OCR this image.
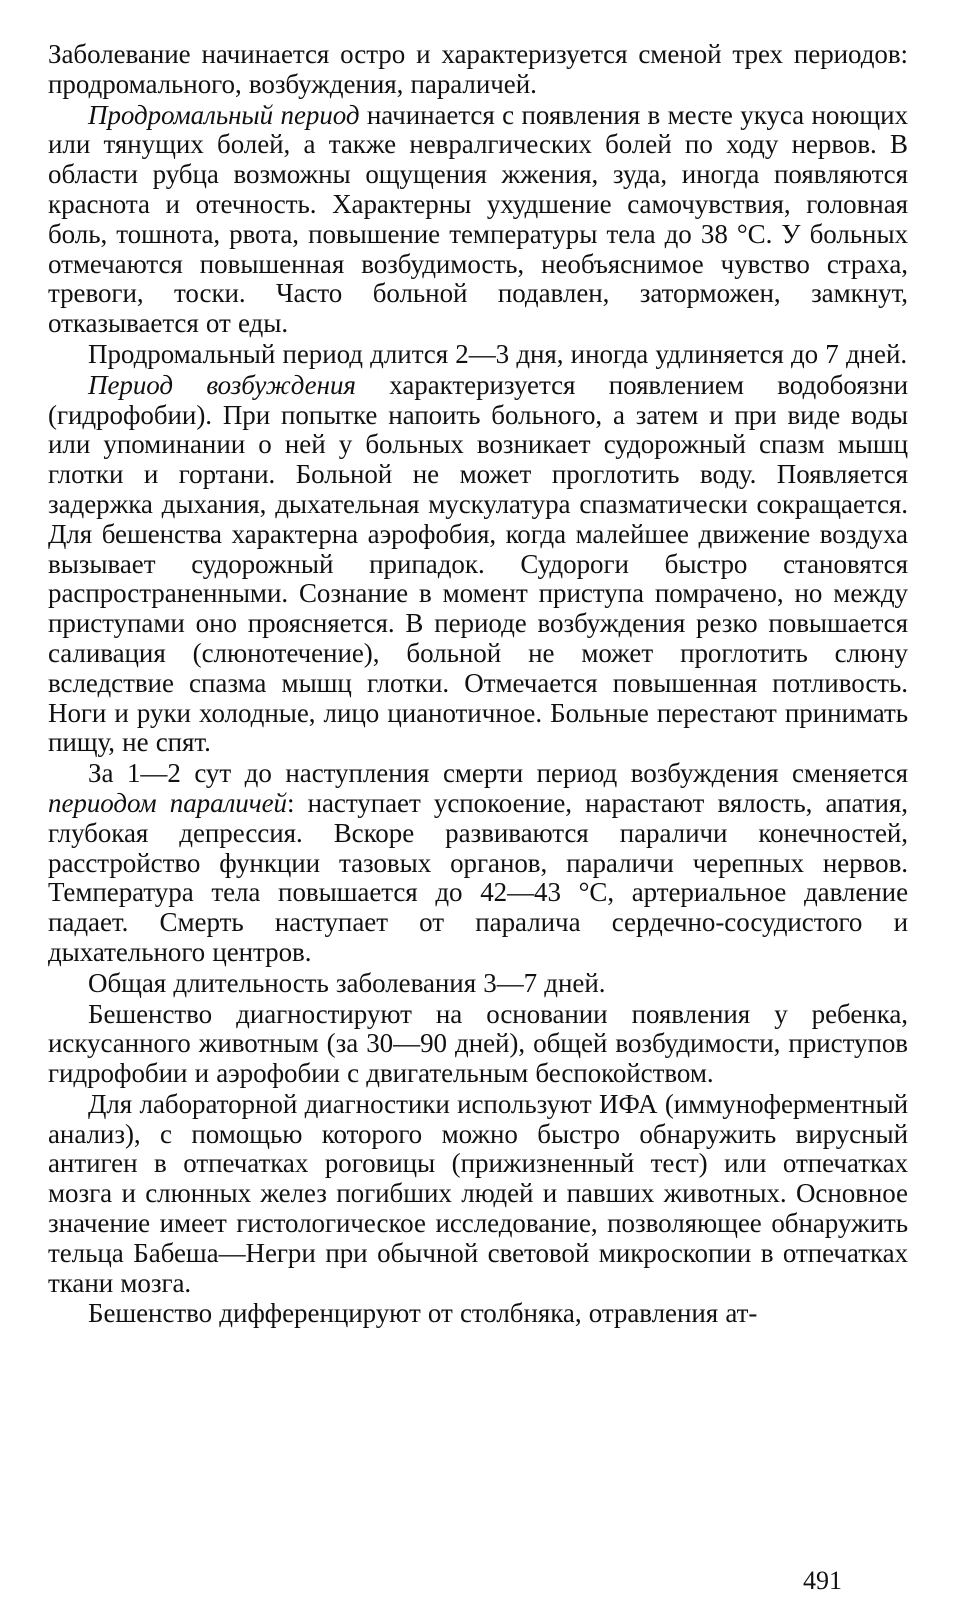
Заболевание начинается остро и характеризуется сменой трех периодов: продромального, возбуждения, параличей.

Продромальный период начинается с появления в месте укуса ноющих или тянущих болей, а также невралгических болей по ходу нервов. В области рубца возможны ощущения жжения, зуда, иногда появляются краснота и отечность. Характерны ухудшение самочувствия, головная боль, тошнота, рвота, повышение температуры тела до 38 °С. У больных отмечаются повышенная возбудимость, необъяснимое чувство страха, тревоги, тоски. Часто больной подавлен, заторможен, замкнут, отказывается от еды.

Продромальный период длится 2—3 дня, иногда удлиняется до 7 дней.

Период возбуждения характеризуется появлением водобоязни (гидрофобии). При попытке напоить больного, а затем и при виде воды или упоминании о ней у больных возникает судорожный спазм мышц глотки и гортани. Больной не может проглотить воду. Появляется задержка дыхания, дыхательная мускулатура спазматически сокращается. Для бешенства характерна аэрофобия, когда малейшее движение воздуха вызывает судорожный припадок. Судороги быстро становятся распространенными. Сознание в момент приступа помрачено, но между приступами оно проясняется. В периоде возбуждения резко повышается саливация (слюнотечение), больной не может проглотить слюну вследствие спазма мышц глотки. Отмечается повышенная потливость. Ноги и руки холодные, лицо цианотичное. Больные перестают принимать пищу, не спят.

За 1—2 сут до наступления смерти период возбуждения сменяется периодом параличей: наступает успокоение, нарастают вялость, апатия, глубокая депрессия. Вскоре развиваются параличи конечностей, расстройство функции тазовых органов, параличи черепных нервов. Температура тела повышается до 42—43 °С, артериальное давление падает. Смерть наступает от паралича сердечно-сосудистого и дыхательного центров.

Общая длительность заболевания 3—7 дней.

Бешенство диагностируют на основании появления у ребенка, искусанного животным (за 30—90 дней), общей возбудимости, приступов гидрофобии и аэрофобии с двигательным беспокойством.

Для лабораторной диагностики используют ИФА (иммуноферментный анализ), с помощью которого можно быстро обнаружить вирусный антиген в отпечатках роговицы (прижизненный тест) или отпечатках мозга и слюнных желез погибших людей и павших животных. Основное значение имеет гистологическое исследование, позволяющее обнаружить тельца Бабеша—Негри при обычной световой микроскопии в отпечатках ткани мозга.

Бешенство дифференцируют от столбняка, отравления ат-

491
